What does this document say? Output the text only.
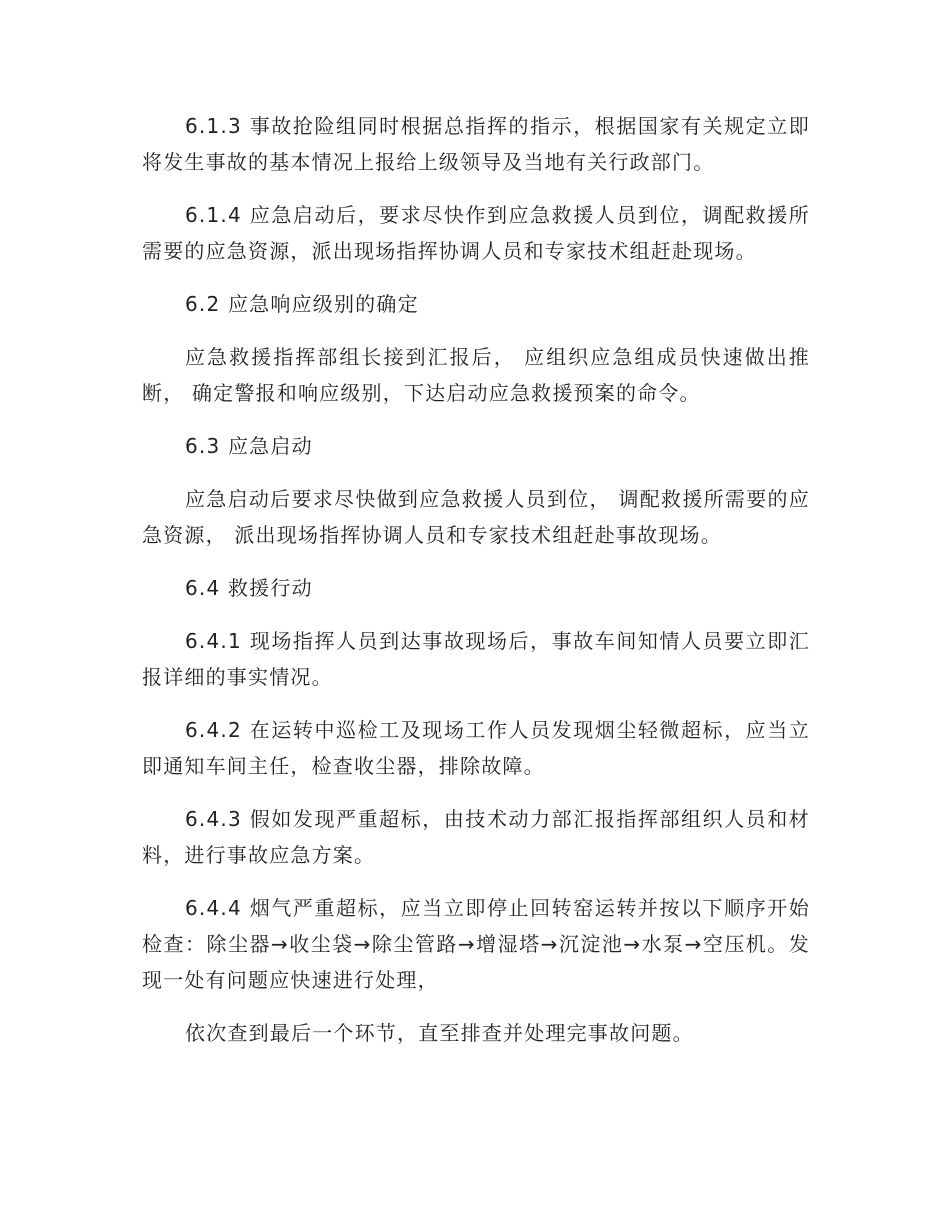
6.1.3 事故抢险组同时根据总指挥的指示，根据国家有关规定立即将发生事故的基本情况上报给上级领导及当地有关行政部门。

6.1.4 应急启动后，要求尽快作到应急救援人员到位，调配救援所需要的应急资源，派出现场指挥协调人员和专家技术组赶赴现场。

6.2 应急响应级别的确定

应急救援指挥部组长接到汇报后， 应组织应急组成员快速做出推断， 确定警报和响应级别，下达启动应急救援预案的命令。

6.3 应急启动

应急启动后要求尽快做到应急救援人员到位， 调配救援所需要的应急资源， 派出现场指挥协调人员和专家技术组赶赴事故现场。

6.4 救援行动

6.4.1 现场指挥人员到达事故现场后，事故车间知情人员要立即汇报详细的事实情况。

6.4.2 在运转中巡检工及现场工作人员发现烟尘轻微超标，应当立即通知车间主任，检查收尘器，排除故障。

6.4.3 假如发现严重超标，由技术动力部汇报指挥部组织人员和材料，进行事故应急方案。

6.4.4 烟气严重超标，应当立即停止回转窑运转并按以下顺序开始检查：除尘器→收尘袋→除尘管路→增湿塔→沉淀池→水泵→空压机。发现一处有问题应快速进行处理，

依次查到最后一个环节，直至排查并处理完事故问题。
